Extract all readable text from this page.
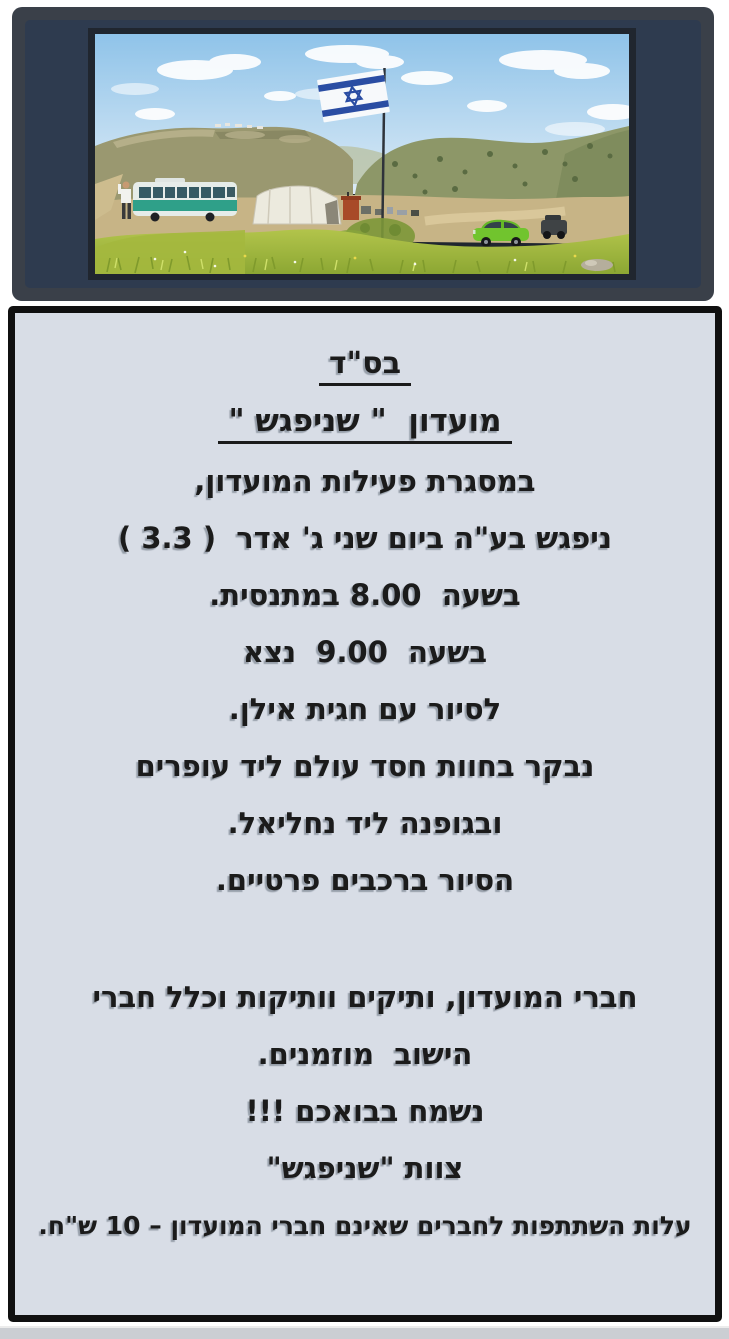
בס"ד
מועדון  " שניפגש "
במסגרת פעילות המועדון,
ניפגש בע"ה ביום שני ג' אדר  ( 3.3 )
בשעה  8.00 במתנסית.
בשעה  9.00  נצא
לסיור עם חגית אילן.
נבקר בחוות חסד עולם ליד עופרים
ובגופנה ליד נחליאל.
הסיור ברכבים פרטיים.
חברי המועדון, ותיקים וותיקות וכלל חברי
הישוב  מוזמנים.
נשמח בבואכם !!!
צוות "שניפגש"
עלות השתתפות לחברים שאינם חברי המועדון – 10 ש"ח.
